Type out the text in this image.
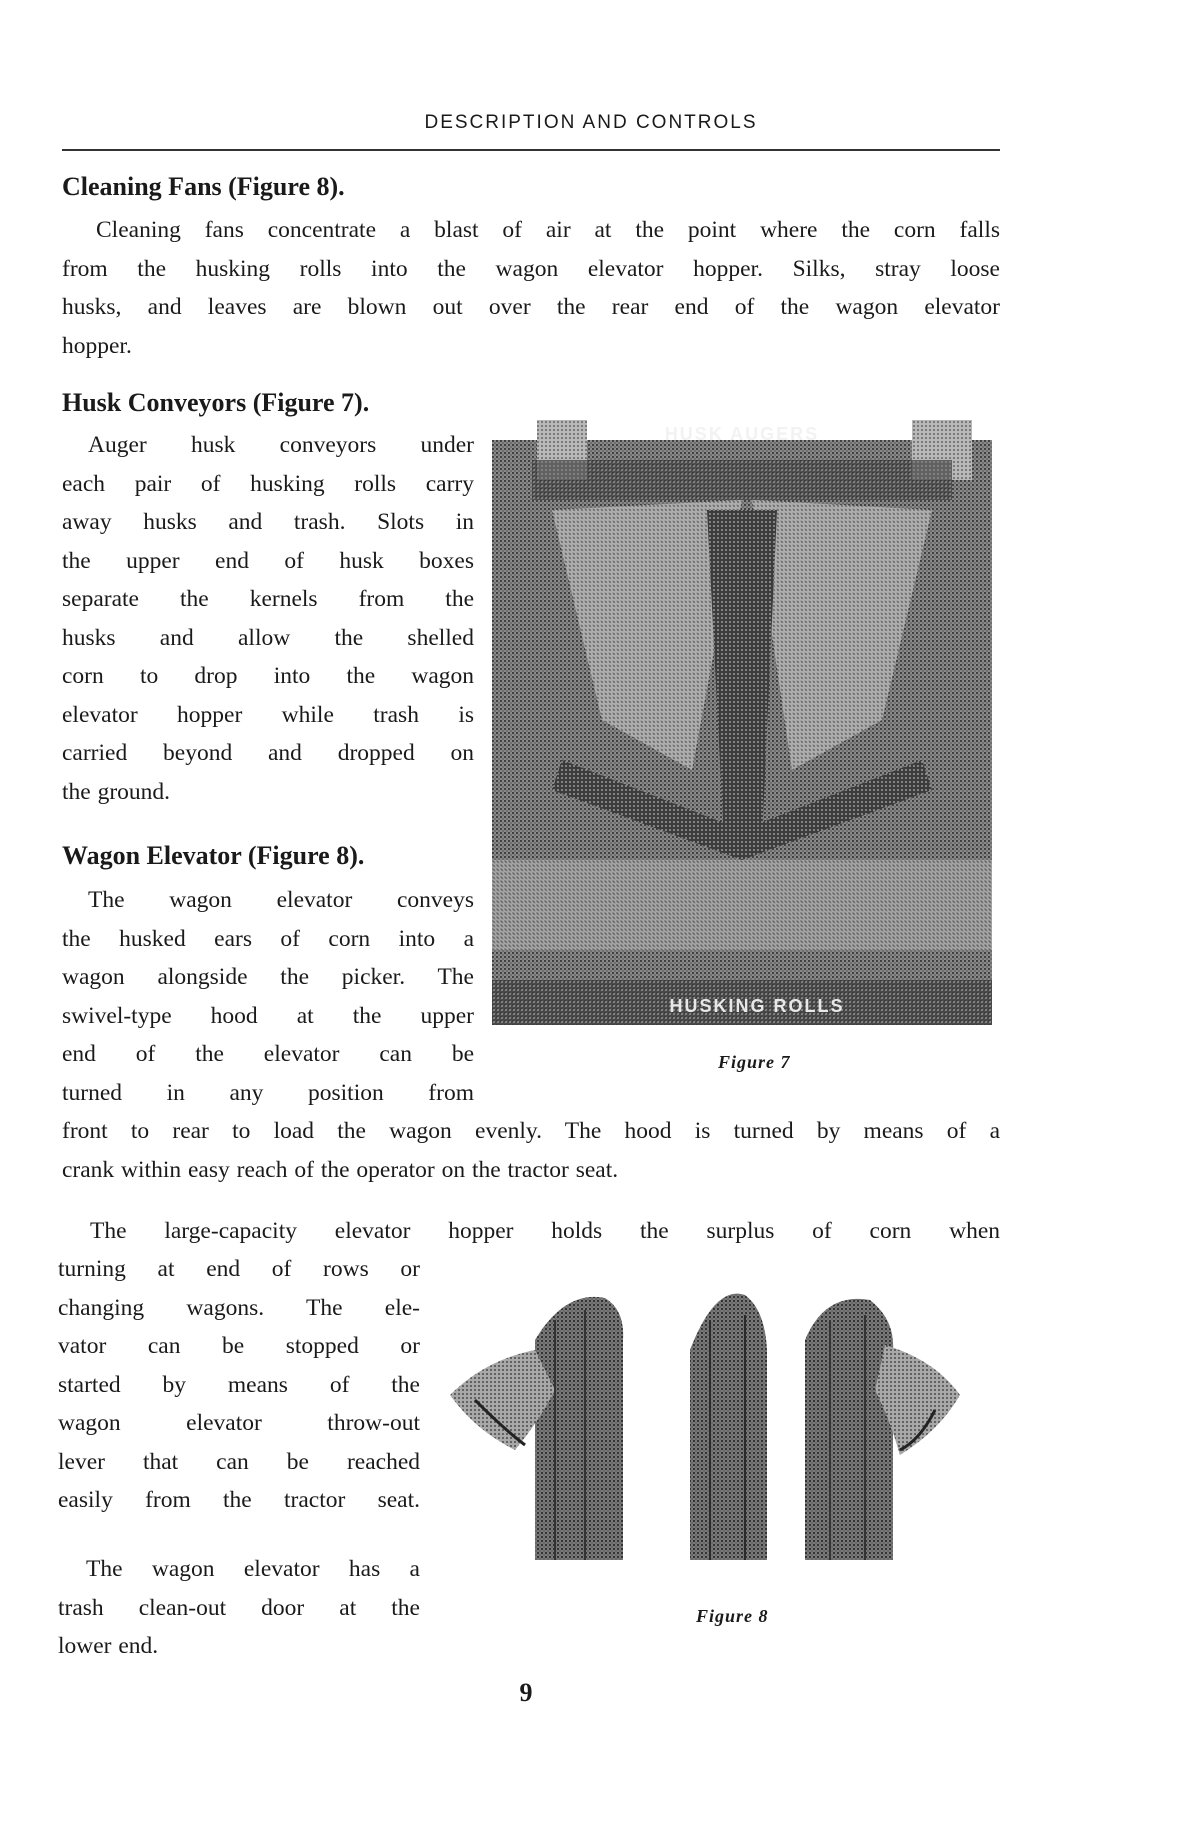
DESCRIPTION AND CONTROLS
Cleaning Fans (Figure 8).
Cleaning fans concentrate a blast of air at the point where the corn falls
from the husking rolls into the wagon elevator hopper. Silks, stray loose
husks, and leaves are blown out over the rear end of the wagon elevator
hopper.
Husk Conveyors (Figure 7).
Auger husk conveyors under
each pair of husking rolls carry
away husks and trash. Slots in
the upper end of husk boxes
separate the kernels from the
husks and allow the shelled
corn to drop into the wagon
elevator hopper while trash is
carried beyond and dropped on
the ground.
HUSK AUGERS
HUSKING ROLLS
Figure 7
Wagon Elevator (Figure 8).
The wagon elevator conveys
the husked ears of corn into a
wagon alongside the picker. The
swivel-type hood at the upper
end of the elevator can be
turned in any position from
front to rear to load the wagon evenly. The hood is turned by means of a
crank within easy reach of the operator on the tractor seat.
The large-capacity elevator hopper holds the surplus of corn when
turning at end of rows or
changing wagons. The ele-
vator can be stopped or
started by means of the
wagon elevator throw-out
lever that can be reached
easily from the tractor seat.
The wagon elevator has a
trash clean-out door at the
lower end.
Figure 8
9
